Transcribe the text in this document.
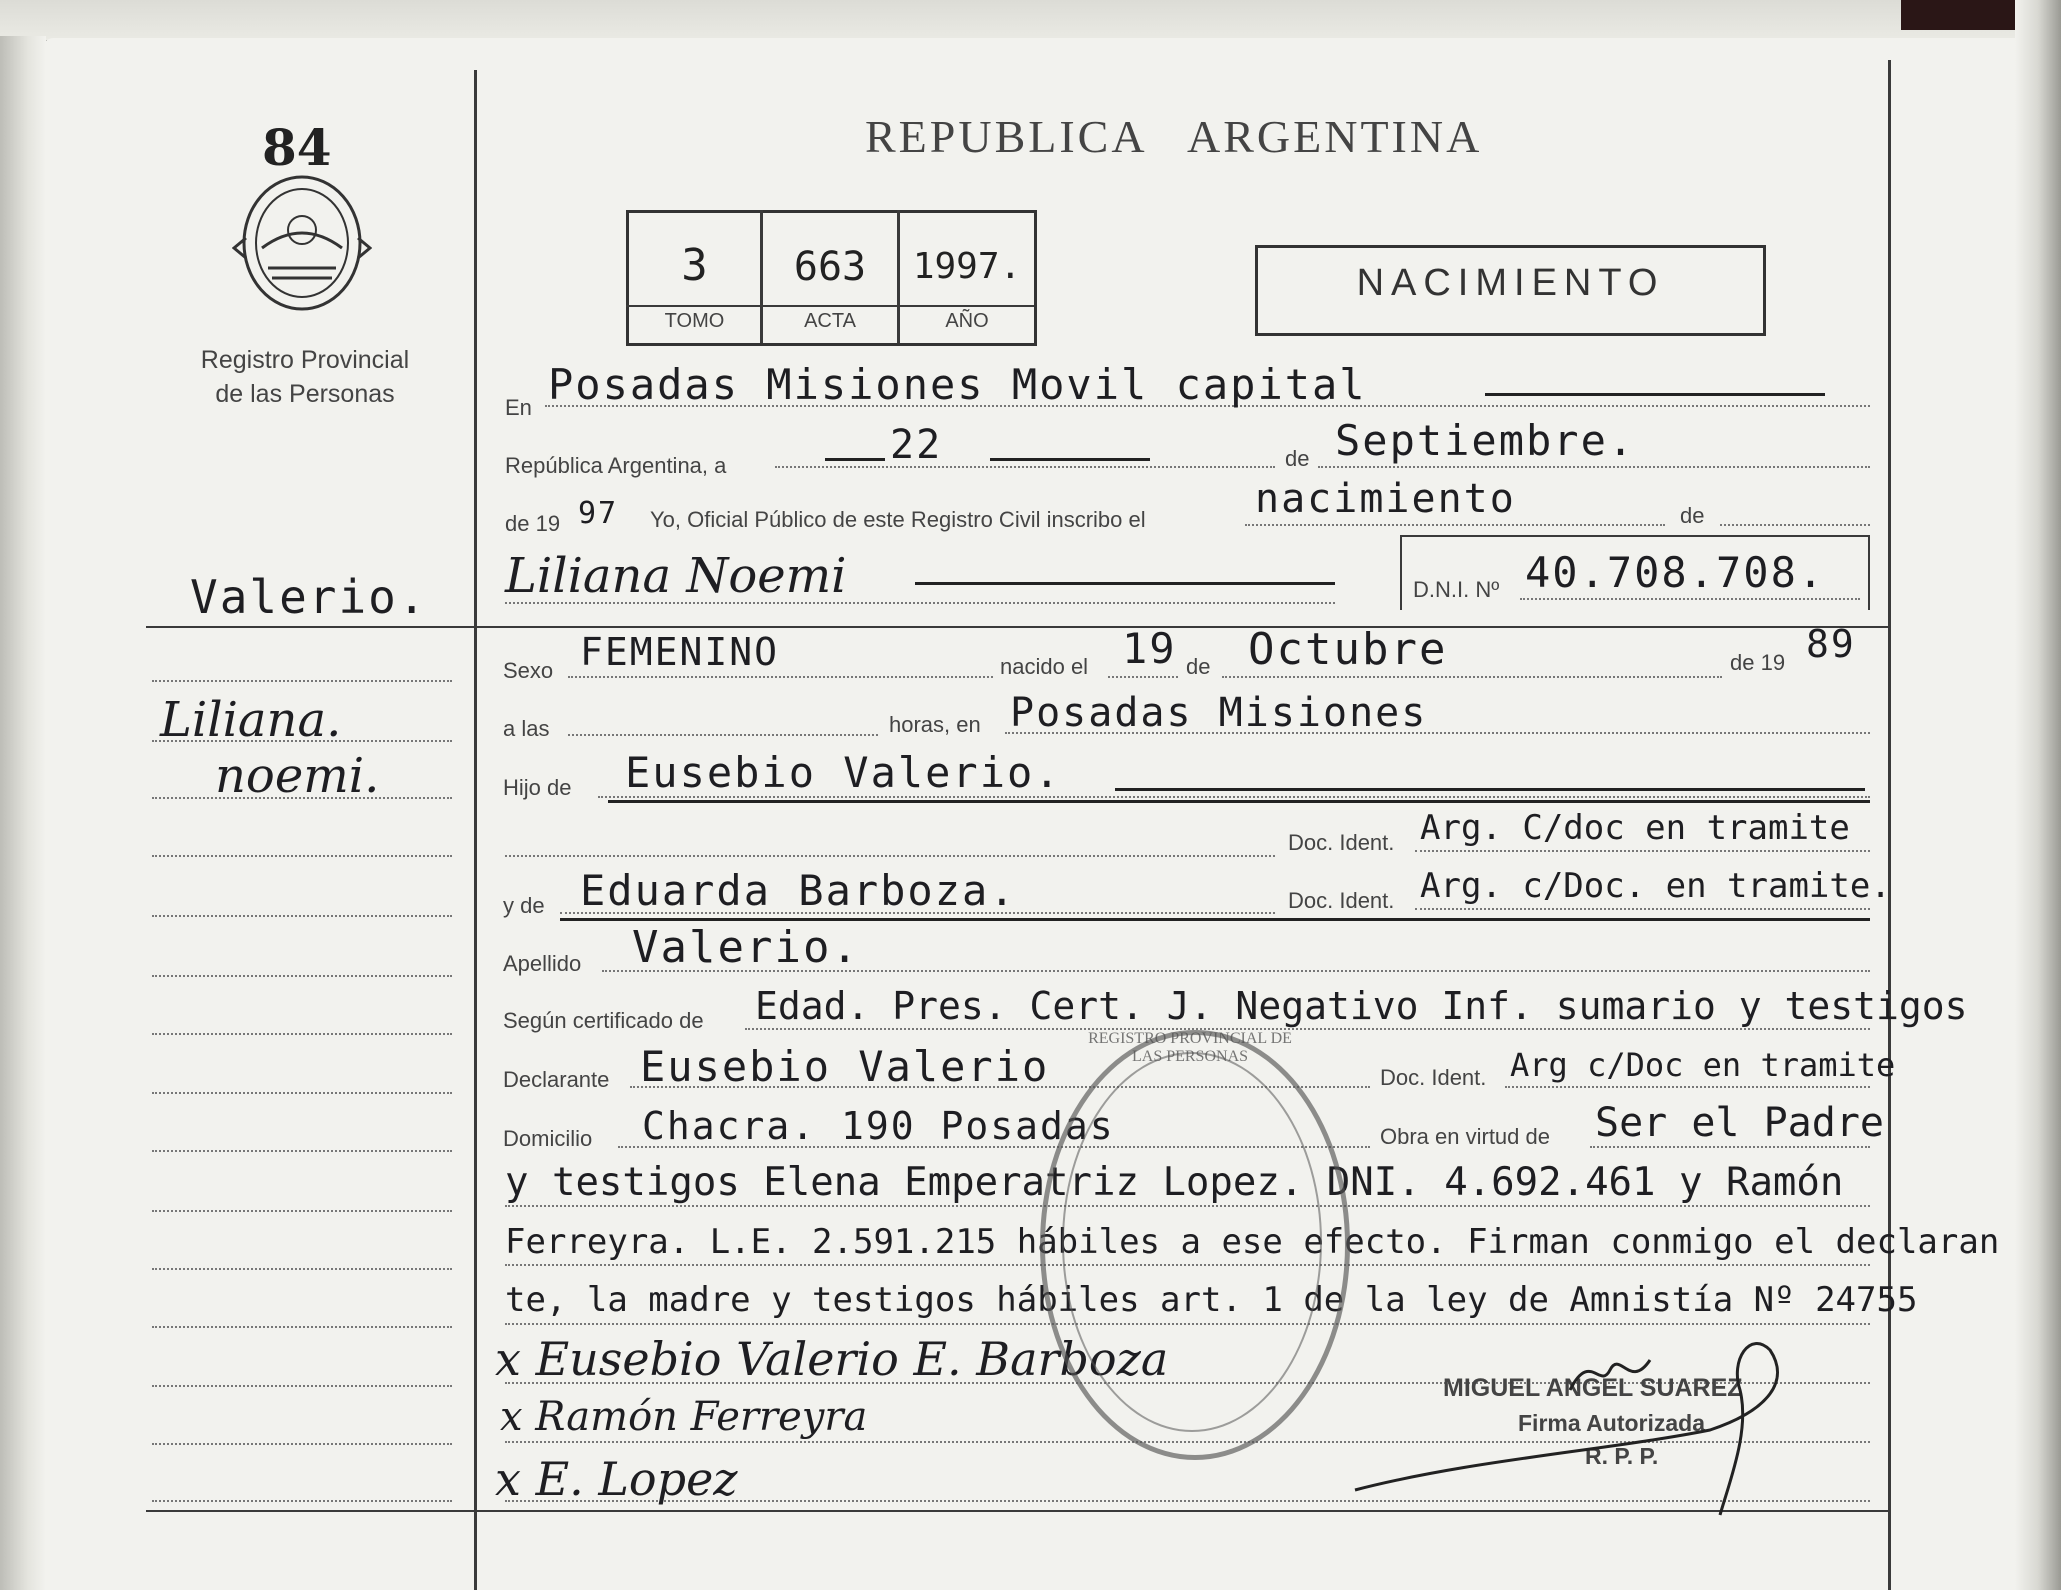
84
Registro Provincial
de las Personas
REPUBLICA ARGENTINA
3	663	1997.
TOMO	ACTA	AÑO
NACIMIENTO
Valerio.
Liliana.
noemi.
En Posadas Misiones Movil capital
República Argentina, a	22	de Septiembre.
de 19 97 Yo, Oficial Público de este Registro Civil inscribo el	nacimiento	de
Liliana Noemi	D.N.I. Nº 40.708.708.
Sexo FEMENINO	nacido el 19 de Octubre	de 19 89
a las	horas, en Posadas Misiones
Hijo de Eusebio Valerio.
Doc. Ident. Arg. C/doc en tramite
y de Eduarda Barboza.	Doc. Ident. Arg. c/Doc. en tramite.
Apellido Valerio.
Según certificado de Edad. Pres. Cert. J. Negativo Inf. sumario y testigos
Declarante Eusebio Valerio	Doc. Ident. Arg c/Doc en tramite
Domicilio Chacra. 190 Posadas	Obra en virtud de Ser el Padre
y testigos Elena Emperatriz Lopez. DNI. 4.692.461 y Ramón
Ferreyra. L.E. 2.591.215 hábiles a ese efecto. Firman conmigo el declaran
te, la madre y testigos hábiles art. 1 de la ley de Amnistía Nº 24755
x Eusebio Valerio E. Barboza
x Ramón Ferreyra
x E. Lopez
REGISTRO PROVINCIAL DE LAS PERSONAS
MIGUEL ANGEL SUAREZ
Firma Autorizada
R. P. P.
